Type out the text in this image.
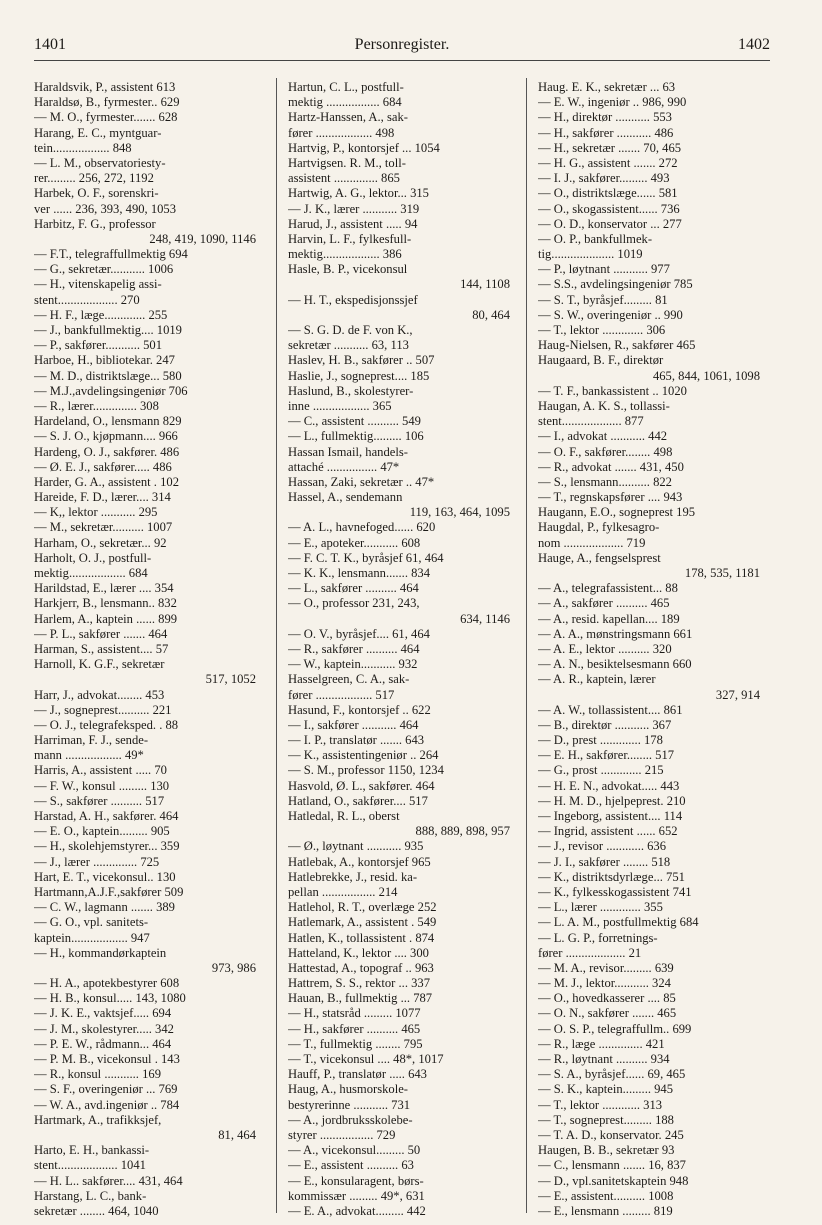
1401	Personregister.	1402
Haraldsvik, P., assistent 613
Haraldsø, B., fyrmester.. 629
— M. O., fyrmester....... 628
Harang, E. C., myntguar-
tein.................. 848
— L. M., observatoriesty-
rer......... 256, 272, 1192
Harbek, O. F., sorenskri-
ver ...... 236, 393, 490, 1053
Harbitz, F. G., professor
248, 419, 1090, 1146
— F.T., telegraffullmektig 694
— G., sekretær........... 1006
— H., vitenskapelig assi-
stent................... 270
— H. F., læge............. 255
— J., bankfullmektig.... 1019
— P., sakfører........... 501
Harboe, H., bibliotekar. 247
— M. D., distriktslæge... 580
— M.J.,avdelingsingeniør 706
— R., lærer.............. 308
Hardeland, O., lensmann 829
— S. J. O., kjøpmann.... 966
Hardeng, O. J., sakfører. 486
— Ø. E. J., sakfører..... 486
Harder, G. A., assistent . 102
Hareide, F. D., lærer.... 314
— K,, lektor ........... 295
— M., sekretær.......... 1007
Harham, O., sekretær... 92
Harholt, O. J., postfull-
mektig.................. 684
Harildstad, E., lærer .... 354
Harkjerr, B., lensmann.. 832
Harlem, A., kaptein ...... 899
— P. L., sakfører ....... 464
Harman, S., assistent.... 57
Harnoll, K. G.F., sekretær
517, 1052
Harr, J., advokat........ 453
— J., sogneprest.......... 221
— O. J., telegrafeksped. . 88
Harriman, F. J., sende-
mann .................. 49*
Harris, A., assistent ..... 70
— F. W., konsul ......... 130
— S., sakfører .......... 517
Harstad, A. H., sakfører. 464
— E. O., kaptein......... 905
— H., skolehjemstyrer... 359
— J., lærer .............. 725
Hart, E. T., vicekonsul.. 130
Hartmann,A.J.F.,sakfører 509
— C. W., lagmann ....... 389
— G. O., vpl. sanitets-
kaptein.................. 947
— H., kommandørkaptein
973, 986
— H. A., apotekbestyrer 608
— H. B., konsul..... 143, 1080
— J. K. E., vaktsjef..... 694
— J. M., skolestyrer..... 342
— P. E. W., rådmann... 464
— P. M. B., vicekonsul . 143
— R., konsul ........... 169
— S. F., overingeniør ... 769
— W. A., avd.ingeniør .. 784
Hartmark, A., trafikksjef,
81, 464
Harto, E. H., bankassi-
stent................... 1041
— H. L.. sakfører.... 431, 464
Harstang, L. C., bank-
sekretær ........ 464, 1040
Hartun, C. L., postfull-
mektig ................. 684
Hartz-Hanssen, A., sak-
fører .................. 498
Hartvig, P., kontorsjef ... 1054
Hartvigsen. R. M., toll-
assistent .............. 865
Hartwig, A. G., lektor... 315
— J. K., lærer ........... 319
Harud, J., assistent ..... 94
Harvin, L. F., fylkesfull-
mektig.................. 386
Hasle, B. P., vicekonsul
144, 1108
— H. T., ekspedisjonssjef
80, 464
— S. G. D. de F. von K.,
sekretær ........... 63, 113
Haslev, H. B., sakfører .. 507
Haslie, J., sogneprest.... 185
Haslund, B., skolestyrer-
inne .................. 365
— C., assistent .......... 549
— L., fullmektig......... 106
Hassan Ismail, handels-
attaché ................ 47*
Hassan, Zaki, sekretær .. 47*
Hassel, A., sendemann
119, 163, 464, 1095
— A. L., havnefoged...... 620
— E., apoteker........... 608
— F. C. T. K., byråsjef 61, 464
— K. K., lensmann....... 834
— L., sakfører .......... 464
— O., professor 231, 243,
634, 1146
— O. V., byråsjef.... 61, 464
— R., sakfører .......... 464
— W., kaptein........... 932
Hasselgreen, C. A., sak-
fører .................. 517
Hasund, F., kontorsjef .. 622
— I., sakfører ........... 464
— I. P., translatør ....... 643
— K., assistentingeniør .. 264
— S. M., professor 1150, 1234
Hasvold, Ø. L., sakfører. 464
Hatland, O., sakfører.... 517
Hatledal, R. L., oberst
888, 889, 898, 957
— Ø., løytnant ........... 935
Hatlebak, A., kontorsjef 965
Hatlebrekke, J., resid. ka-
pellan ................. 214
Hatlehol, R. T., overlæge 252
Hatlemark, A., assistent . 549
Hatlen, K., tollassistent . 874
Hatteland, K., lektor .... 300
Hattestad, A., topograf .. 963
Hattrem, S. S., rektor ... 337
Hauan, B., fullmektig ... 787
— H., statsråd ......... 1077
— H., sakfører .......... 465
— T., fullmektig ........ 795
— T., vicekonsul .... 48*, 1017
Hauff, P., translatør ..... 643
Haug, A., husmorskole-
bestyrerinne ........... 731
— A., jordbruksskolebe-
styrer ................. 729
— A., vicekonsul......... 50
— E., assistent .......... 63
— E., konsularagent, børs-
kommissær ......... 49*, 631
— E. A., advokat......... 442
Haug. E. K., sekretær ... 63
— E. W., ingeniør .. 986, 990
— H., direktør ........... 553
— H., sakfører ........... 486
— H., sekretær ....... 70, 465
— H. G., assistent ....... 272
— I. J., sakfører......... 493
— O., distriktslæge...... 581
— O., skogassistent...... 736
— O. D., konservator ... 277
— O. P., bankfullmek-
tig.................... 1019
— P., løytnant ........... 977
— S.S., avdelingsingeniør 785
— S. T., byråsjef......... 81
— S. W., overingeniør .. 990
— T., lektor ............. 306
Haug-Nielsen, R., sakfører 465
Haugaard, B. F., direktør
465, 844, 1061, 1098
— T. F., bankassistent .. 1020
Haugan, A. K. S., tollassi-
stent................... 877
— I., advokat ........... 442
— O. F., sakfører........ 498
— R., advokat ....... 431, 450
— S., lensmann.......... 822
— T., regnskapsfører .... 943
Haugann, E.O., sogneprest 195
Haugdal, P., fylkesagro-
nom ................... 719
Hauge, A., fengselsprest
178, 535, 1181
— A., telegrafassistent... 88
— A., sakfører .......... 465
— A., resid. kapellan.... 189
— A. A., mønstringsmann 661
— A. E., lektor .......... 320
— A. N., besiktelsesmann 660
— A. R., kaptein, lærer
327, 914
— A. W., tollassistent.... 861
— B., direktør ........... 367
— D., prest ............. 178
— E. H., sakfører........ 517
— G., prost ............. 215
— H. E. N., advokat..... 443
— H. M. D., hjelpeprest. 210
— Ingeborg, assistent.... 114
— Ingrid, assistent ...... 652
— J., revisor ............ 636
— J. I., sakfører ........ 518
— K., distriktsdyrlæge... 751
— K., fylkesskogassistent 741
— L., lærer ............. 355
— L. A. M., postfullmektig 684
— L. G. P., forretnings-
fører ................... 21
— M. A., revisor......... 639
— M. J., lektor........... 324
— O., hovedkasserer .... 85
— O. N., sakfører ....... 465
— O. S. P., telegraffullm.. 699
— R., læge .............. 421
— R., løytnant .......... 934
— S. A., byråsjef...... 69, 465
— S. K., kaptein......... 945
— T., lektor ............ 313
— T., sogneprest......... 188
— T. A. D., konservator. 245
Haugen, B. B., sekretær 93
— C., lensmann ....... 16, 837
— D., vpl.sanitetskaptein 948
— E., assistent.......... 1008
— E., lensmann ......... 819
